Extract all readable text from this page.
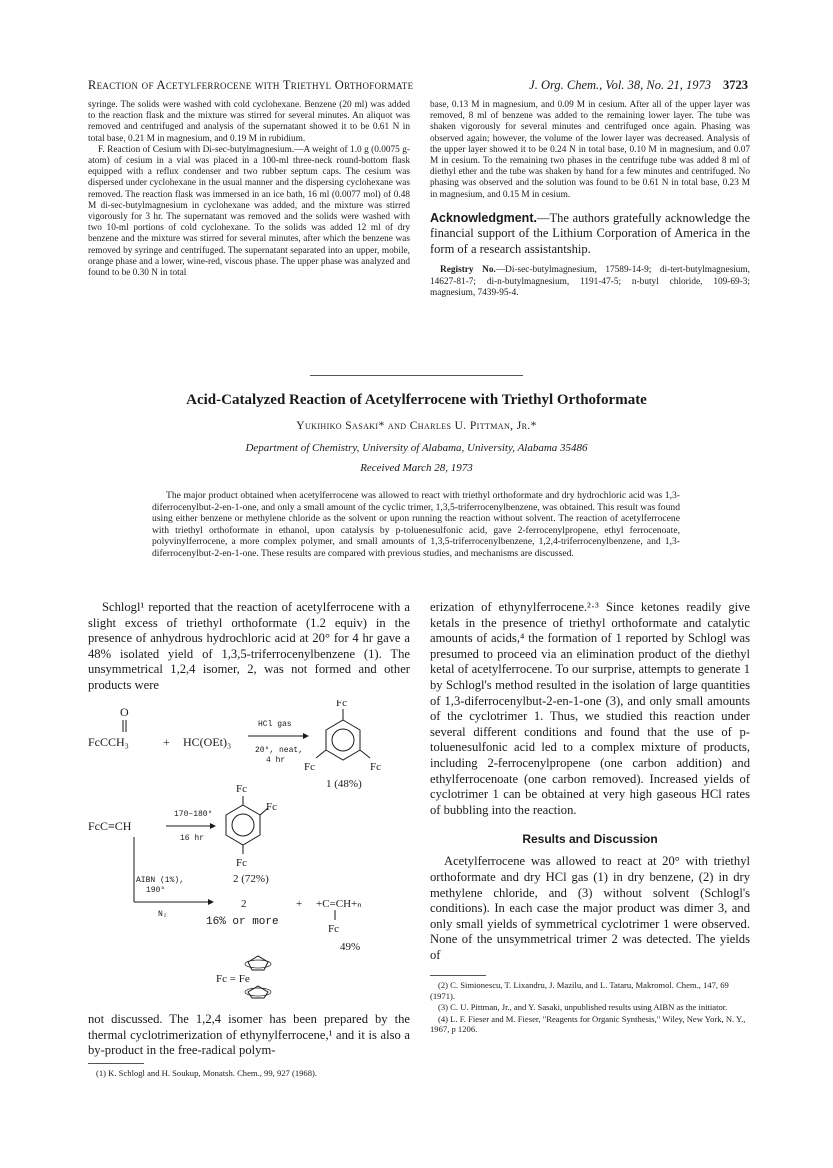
Reaction of Acetylferrocene with Triethyl Orthoformate	J. Org. Chem., Vol. 38, No. 21, 1973 3723

syringe. The solids were washed with cold cyclohexane. Benzene (20 ml) was added to the reaction flask and the mixture was stirred for several minutes. An aliquot was removed and centrifuged and analysis of the supernatant showed it to be 0.61 N in total base, 0.21 M in magnesium, and 0.19 M in rubidium.

F. Reaction of Cesium with Di-sec-butylmagnesium.—A weight of 1.0 g (0.0075 g-atom) of cesium in a vial was placed in a 100-ml three-neck round-bottom flask equipped with a reflux condenser and two rubber septum caps. The cesium was dispersed under cyclohexane in the usual manner and the dispersing cyclohexane was removed. The reaction flask was immersed in an ice bath, 16 ml (0.0077 mol) of 0.48 M di-sec-butylmagnesium in cyclohexane was added, and the mixture was stirred vigorously for 3 hr. The supernatant was removed and the solids were washed with two 10-ml portions of cold cyclohexane. To the solids was added 12 ml of dry benzene and the mixture was stirred for several minutes, after which the benzene was removed by syringe and centrifuged. The supernatant separated into an upper, mobile, orange phase and a lower, wine-red, viscous phase. The upper phase was analyzed and found to be 0.30 N in total

base, 0.13 M in magnesium, and 0.09 M in cesium. After all of the upper layer was removed, 8 ml of benzene was added to the remaining lower layer. The tube was shaken vigorously for several minutes and centrifuged once again. Phasing was observed again; however, the volume of the lower layer was decreased. Analysis of the upper layer showed it to be 0.24 N in total base, 0.10 M in magnesium, and 0.07 M in cesium. To the remaining two phases in the centrifuge tube was added 8 ml of diethyl ether and the tube was shaken by hand for a few minutes and centrifuged. No phasing was observed and the solution was found to be 0.61 N in total base, 0.23 M in magnesium, and 0.15 M in cesium.

Acknowledgment.—The authors gratefully acknowledge the financial support of the Lithium Corporation of America in the form of a research assistantship.

Registry No.—Di-sec-butylmagnesium, 17589-14-9; di-tert-butylmagnesium, 14627-81-7; di-n-butylmagnesium, 1191-47-5; n-butyl chloride, 109-69-3; magnesium, 7439-95-4.

Acid-Catalyzed Reaction of Acetylferrocene with Triethyl Orthoformate
Yukihiko Sasaki* and Charles U. Pittman, Jr.*
Department of Chemistry, University of Alabama, University, Alabama 35486
Received March 28, 1973

The major product obtained when acetylferrocene was allowed to react with triethyl orthoformate and dry hydrochloric acid was 1,3-diferrocenylbut-2-en-1-one, and only a small amount of the cyclic trimer, 1,3,5-triferrocenylbenzene, was obtained. This result was found using either benzene or methylene chloride as the solvent or upon running the reaction without solvent. The reaction of acetylferrocene with triethyl orthoformate in ethanol, upon catalysis by p-toluenesulfonic acid, gave 2-ferrocenylpropene, ethyl ferrocenoate, polyvinylferrocene, a more complex polymer, and small amounts of 1,3,5-triferrocenylbenzene, 1,2,4-triferrocenylbenzene, and 1,3-diferrocenylbut-2-en-1-one. These results are compared with previous studies, and mechanisms are discussed.

Schlogl¹ reported that the reaction of acetylferrocene with a slight excess of triethyl orthoformate (1.2 equiv) in the presence of anhydrous hydrochloric acid at 20° for 4 hr gave a 48% isolated yield of 1,3,5-triferrocenylbenzene (1). The unsymmetrical 1,2,4 isomer, 2, was not formed and other products were

O
FcCCH₃	+ HC(OEt)₃
HCl gas
20°, neat,
4 hr
Fc
Fc	Fc
1 (48%)
Fc
Fc
Fc
2 (72%)
FcC≡CH
170–180°
16 hr
AIBN (1%),
190°
N₂
2
16% or more
+ +C=CH+ₙ
Fc
49%
Fc = Fe

not discussed. The 1,2,4 isomer has been prepared by the thermal cyclotrimerization of ethynylferrocene,¹ and it is also a by-product in the free-radical polym-

(1) K. Schlogl and H. Soukup, Monatsh. Chem., 99, 927 (1968).

erization of ethynylferrocene.²·³ Since ketones readily give ketals in the presence of triethyl orthoformate and catalytic amounts of acids,⁴ the formation of 1 reported by Schlogl was presumed to proceed via an elimination product of the diethyl ketal of acetylferrocene. To our surprise, attempts to generate 1 by Schlogl's method resulted in the isolation of large quantities of 1,3-diferrocenylbut-2-en-1-one (3), and only small amounts of the cyclotrimer 1. Thus, we studied this reaction under several different conditions and found that the use of p-toluenesulfonic acid led to a complex mixture of products, including 2-ferrocenylpropene (one carbon addition) and ethylferrocenoate (one carbon removed). Increased yields of cyclotrimer 1 can be obtained at very high gaseous HCl rates of bubbling into the reaction.

Results and Discussion

Acetylferrocene was allowed to react at 20° with triethyl orthoformate and dry HCl gas (1) in dry benzene, (2) in dry methylene chloride, and (3) without solvent (Schlogl's conditions). In each case the major product was dimer 3, and only small yields of symmetrical cyclotrimer 1 were observed. None of the unsymmetrical trimer 2 was detected. The yields of

(2) C. Simionescu, T. Lixandru, J. Mazilu, and L. Tataru, Makromol. Chem., 147, 69 (1971).

(3) C. U. Pittman, Jr., and Y. Sasaki, unpublished results using AIBN as the initiator.

(4) L. F. Fieser and M. Fieser, "Reagents for Organic Synthesis," Wiley, New York, N. Y., 1967, p 1206.
